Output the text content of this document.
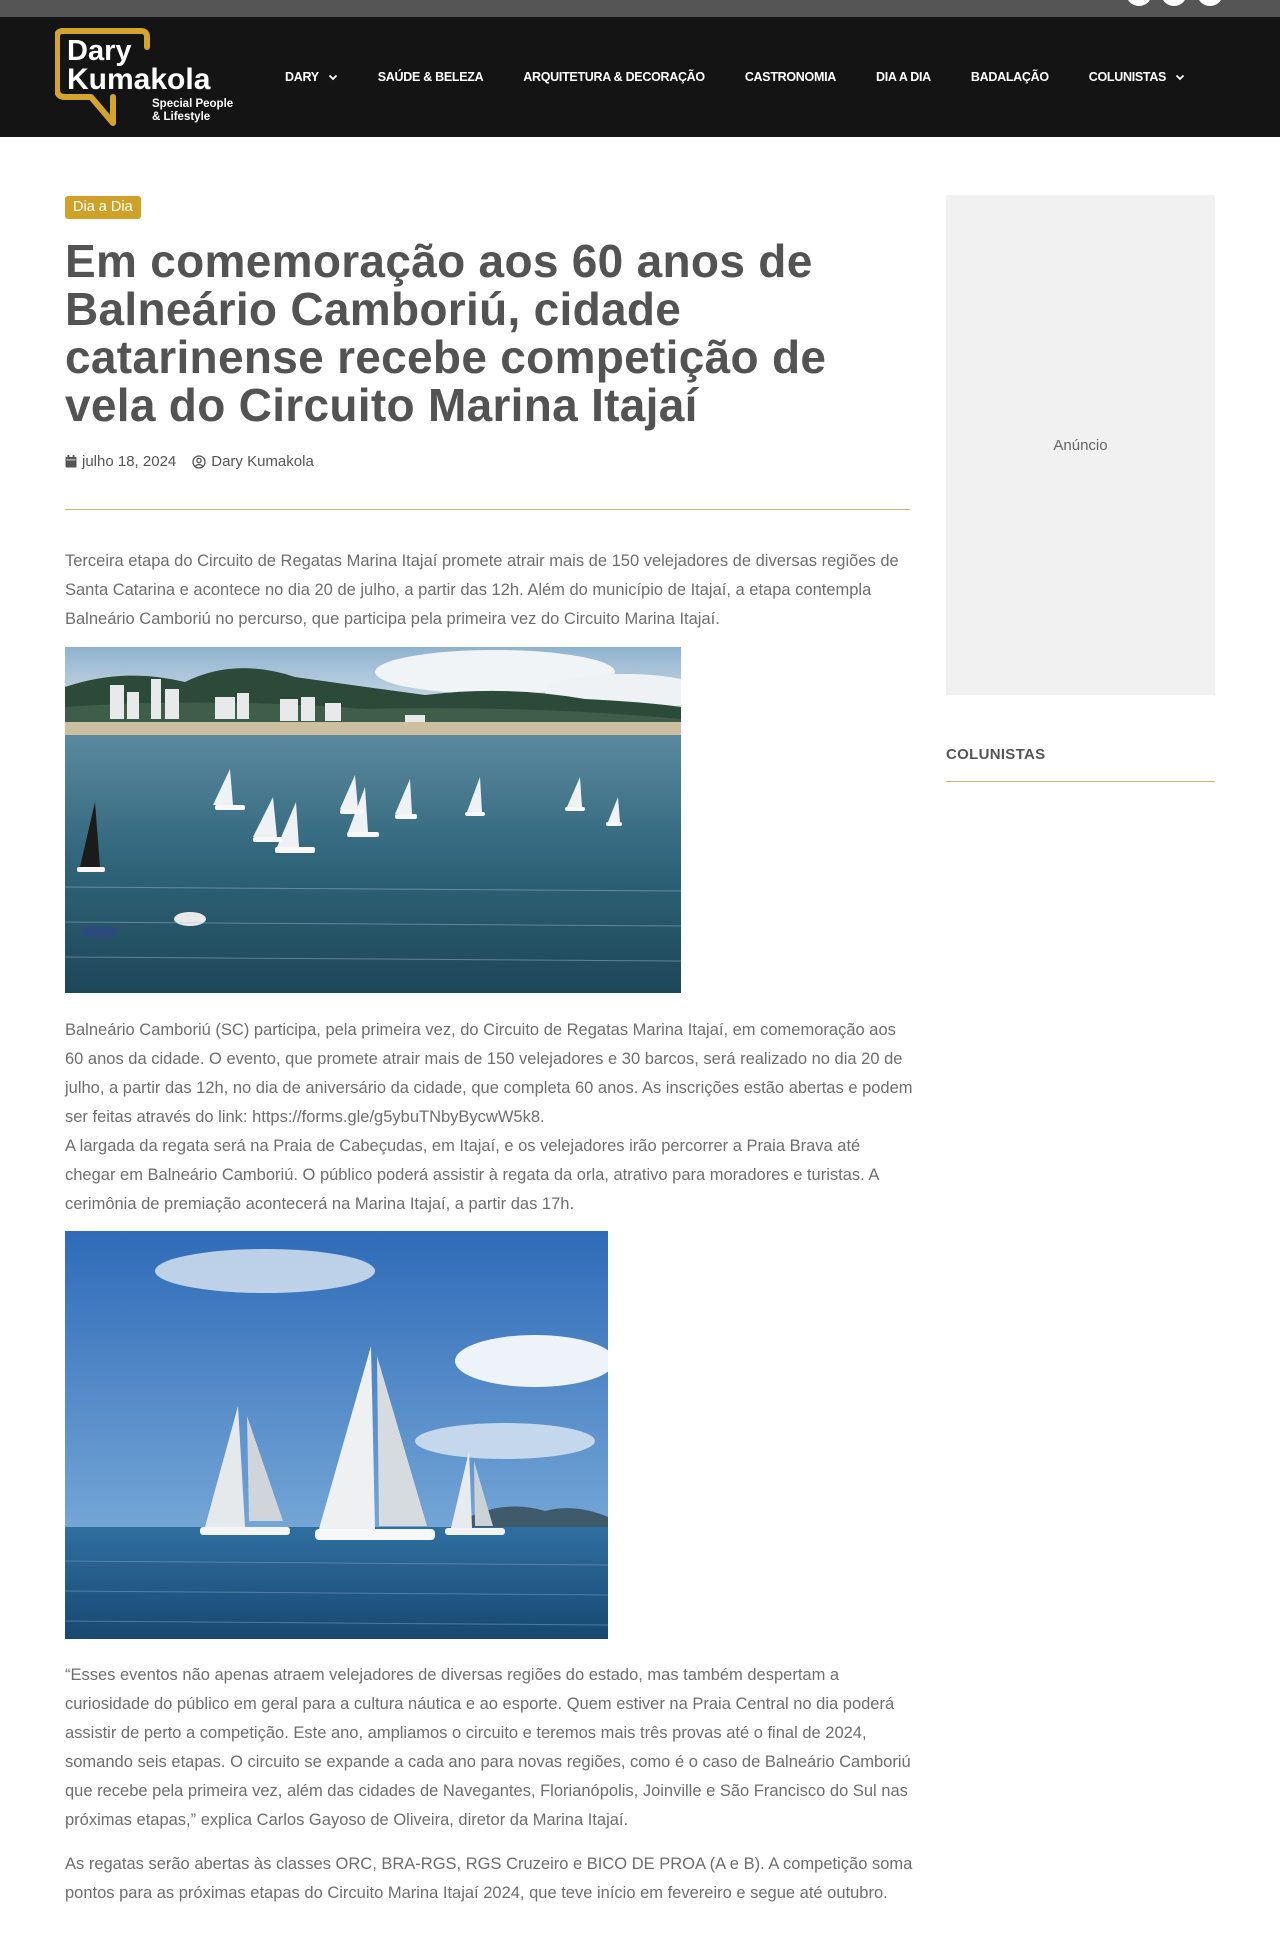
Dary
Kumakola
Special People
& Lifestyle
DARY	SAÚDE & BELEZA	ARQUITETURA & DECORAÇÃO	CASTRONOMIA	DIA A DIA	BADALAÇÃO	COLUNISTAS
Dia a Dia
Em comemoração aos 60 anos de Balneário Camboriú, cidade catarinense recebe competição de vela do Circuito Marina Itajaí
julho 18, 2024 Dary Kumakola

Terceira etapa do Circuito de Regatas Marina Itajaí promete atrair mais de 150 velejadores de diversas regiões de Santa Catarina e acontece no dia 20 de julho, a partir das 12h. Além do município de Itajaí, a etapa contempla Balneário Camboriú no percurso, que participa pela primeira vez do Circuito Marina Itajaí.

Balneário Camboriú (SC) participa, pela primeira vez, do Circuito de Regatas Marina Itajaí, em comemoração aos 60 anos da cidade. O evento, que promete atrair mais de 150 velejadores e 30 barcos, será realizado no dia 20 de julho, a partir das 12h, no dia de aniversário da cidade, que completa 60 anos. As inscrições estão abertas e podem ser feitas através do link: https://forms.gle/g5ybuTNbyBycwW5k8.

A largada da regata será na Praia de Cabeçudas, em Itajaí, e os velejadores irão percorrer a Praia Brava até chegar em Balneário Camboriú. O público poderá assistir à regata da orla, atrativo para moradores e turistas. A cerimônia de premiação acontecerá na Marina Itajaí, a partir das 17h.

“Esses eventos não apenas atraem velejadores de diversas regiões do estado, mas também despertam a curiosidade do público em geral para a cultura náutica e ao esporte. Quem estiver na Praia Central no dia poderá assistir de perto a competição. Este ano, ampliamos o circuito e teremos mais três provas até o final de 2024, somando seis etapas. O circuito se expande a cada ano para novas regiões, como é o caso de Balneário Camboriú que recebe pela primeira vez, além das cidades de Navegantes, Florianópolis, Joinville e São Francisco do Sul nas próximas etapas,” explica Carlos Gayoso de Oliveira, diretor da Marina Itajaí.

As regatas serão abertas às classes ORC, BRA-RGS, RGS Cruzeiro e BICO DE PROA (A e B). A competição soma pontos para as próximas etapas do Circuito Marina Itajaí 2024, que teve início em fevereiro e segue até outubro.

Anúncio
COLUNISTAS
